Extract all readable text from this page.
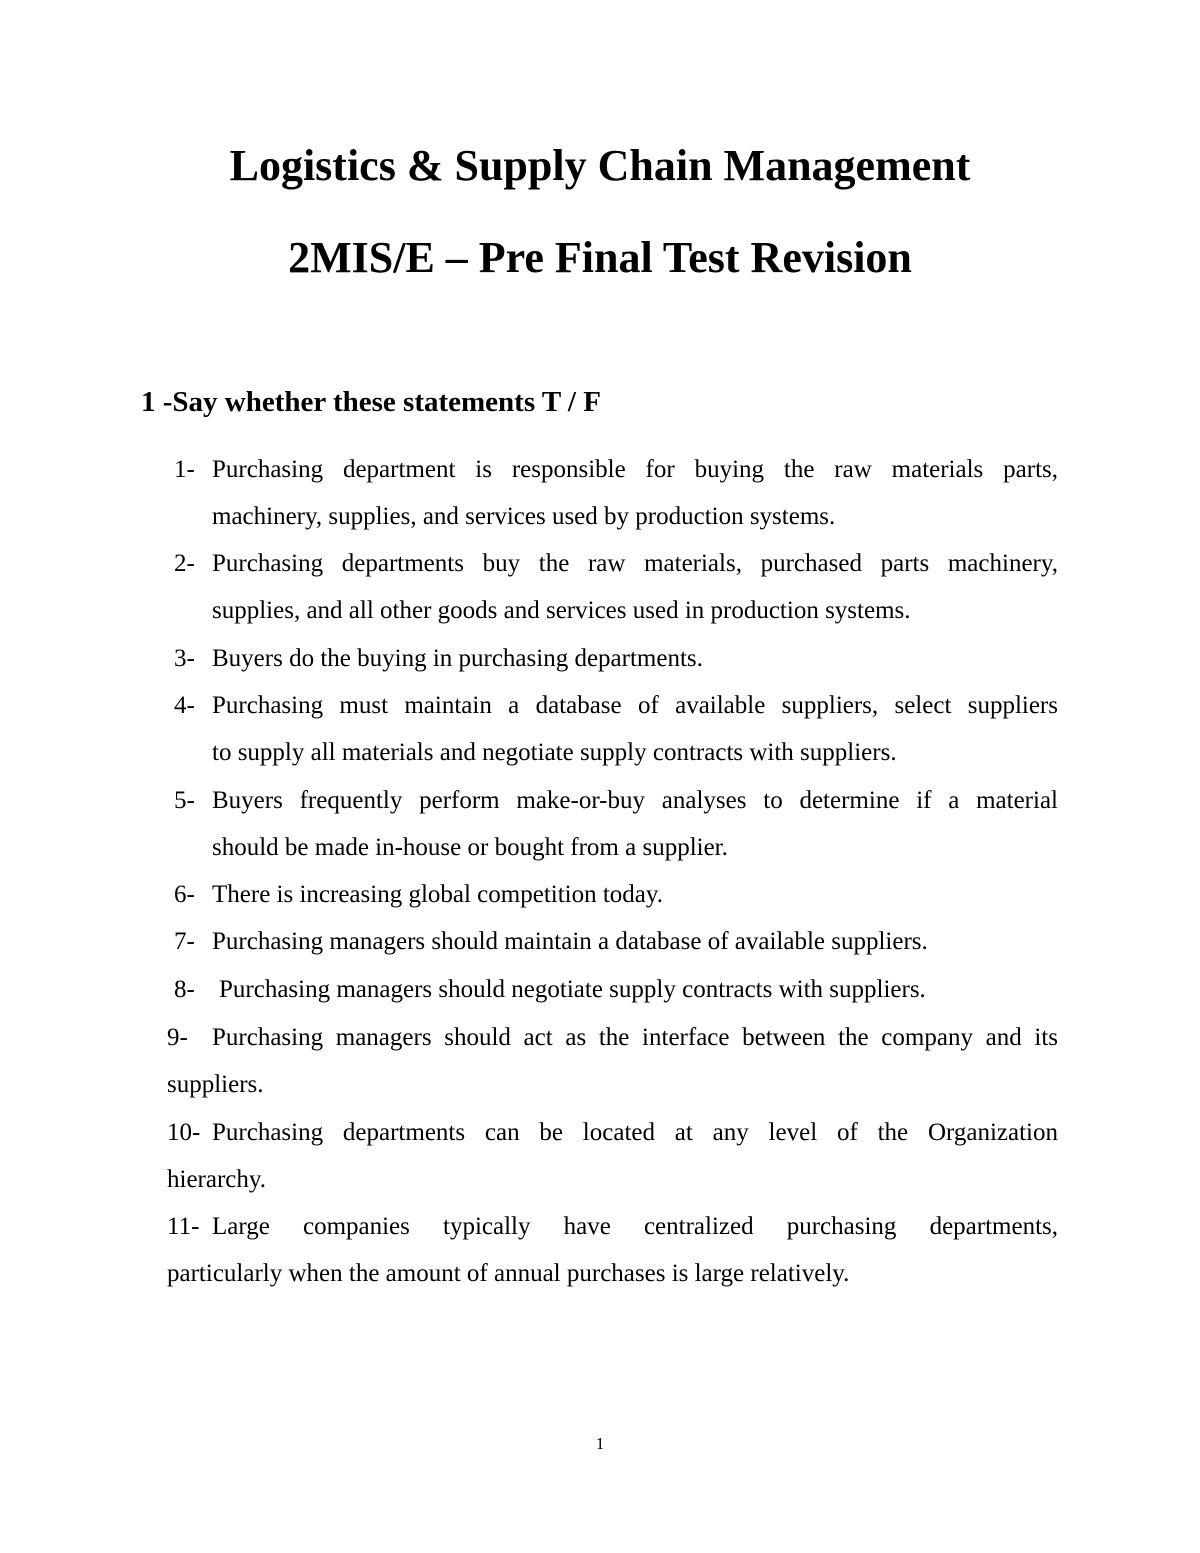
Logistics & Supply Chain Management
2MIS/E – Pre Final Test Revision
1 -Say whether these statements T / F
1- Purchasing department is responsible for buying the raw materials parts,
machinery, supplies, and services used by production systems.
2- Purchasing departments buy the raw materials, purchased parts machinery,
supplies, and all other goods and services used in production systems.
3- Buyers do the buying in purchasing departments.
4- Purchasing must maintain a database of available suppliers, select suppliers
to supply all materials and negotiate supply contracts with suppliers.
5- Buyers frequently perform make-or-buy analyses to determine if a material
should be made in-house or bought from a supplier.
6- There is increasing global competition today.
7- Purchasing managers should maintain a database of available suppliers.
8- Purchasing managers should negotiate supply contracts with suppliers.
9- Purchasing managers should act as the interface between the company and its
suppliers.
10- Purchasing departments can be located at any level of the Organization
hierarchy.
11- Large companies typically have centralized purchasing departments,
particularly when the amount of annual purchases is large relatively.
1
